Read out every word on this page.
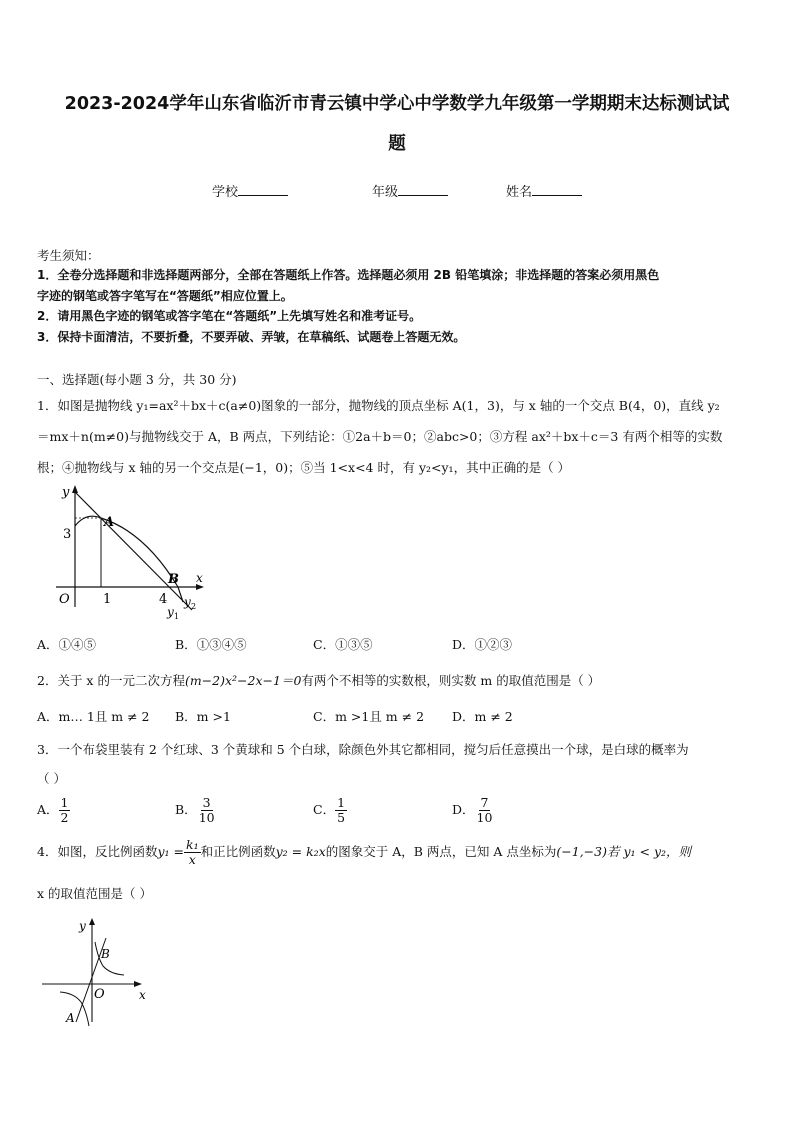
2023-2024学年山东省临沂市青云镇中学心中学数学九年级第一学期期末达标测试试
题
学校	年级	姓名
考生须知：
1．全卷分选择题和非选择题两部分，全部在答题纸上作答。选择题必须用 2B 铅笔填涂；非选择题的答案必须用黑色
字迹的钢笔或答字笔写在“答题纸”相应位置上。
2．请用黑色字迹的钢笔或答字笔在“答题纸”上先填写姓名和准考证号。
3．保持卡面清洁，不要折叠，不要弄破、弄皱，在草稿纸、试题卷上答题无效。
一、选择题(每小题 3 分，共 30 分)
1．如图是抛物线 y₁=ax²＋bx＋c(a≠0)图象的一部分，抛物线的顶点坐标 A(1，3)，与 x 轴的一个交点 B(4，0)，直线 y₂
＝mx＋n(m≠0)与抛物线交于 A，B 两点，下列结论：①2a＋b＝0；②abc>0；③方程 ax²＋bx＋c＝3 有两个相等的实数
根；④抛物线与 x 轴的另一个交点是(−1，0)；⑤当 1<x<4 时，有 y₂<y₁，其中正确的是（ ）
y
x
O
A
B
3
1	4
y 1
y 2
A．①④⑤	B．①③④⑤	C．①③⑤	D．①②③
2．关于 x 的一元二次方程(m−2)x²−2x−1＝0有两个不相等的实数根，则实数 m 的取值范围是（ ）
A．m… 1且 m ≠ 2 B．m >1	C．m >1且 m ≠ 2 D．m ≠ 2
3．一个布袋里装有 2 个红球、3 个黄球和 5 个白球，除颜色外其它都相同，搅匀后任意摸出一个球，是白球的概率为
（ ）
A． $\frac{1}{2}$	B． $\frac{3}{10}$	C． $\frac{1}{5}$	D． $\frac{7}{10}$
4．如图，反比例函数$y_1 = \frac{\text{k₁}}{x}$ 和正比例函数y₂ = k₂x的图象交于 A，B 两点，已知 A 点坐标为(−1,−3)若 y₁ < y₂，则
x 的取值范围是（ ）
y
x
O
B
A
